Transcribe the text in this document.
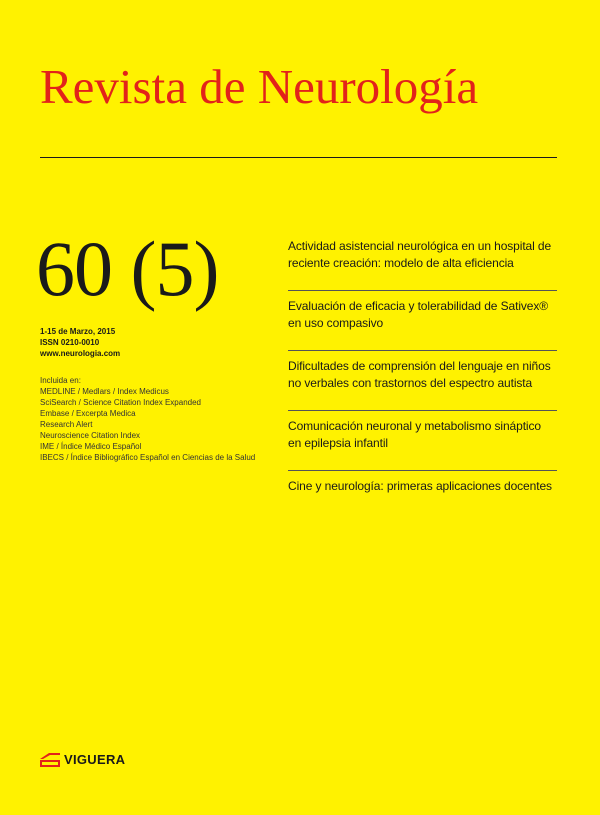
Revista de Neurología
60 (5)
1-15 de Marzo, 2015
ISSN 0210-0010
www.neurologia.com
Incluida en:
MEDLINE / Medlars / Index Medicus
SciSearch / Science Citation Index Expanded
Embase / Excerpta Medica
Research Alert
Neuroscience Citation Index
IME / Índice Médico Español
IBECS / Índice Bibliográfico Español en Ciencias de la Salud
Actividad asistencial neurológica en un hospital de reciente creación: modelo de alta eficiencia
Evaluación de eficacia y tolerabilidad de Sativex® en uso compasivo
Dificultades de comprensión del lenguaje en niños no verbales con trastornos del espectro autista
Comunicación neuronal y metabolismo sináptico en epilepsia infantil
Cine y neurología: primeras aplicaciones docentes
VIGUERA
